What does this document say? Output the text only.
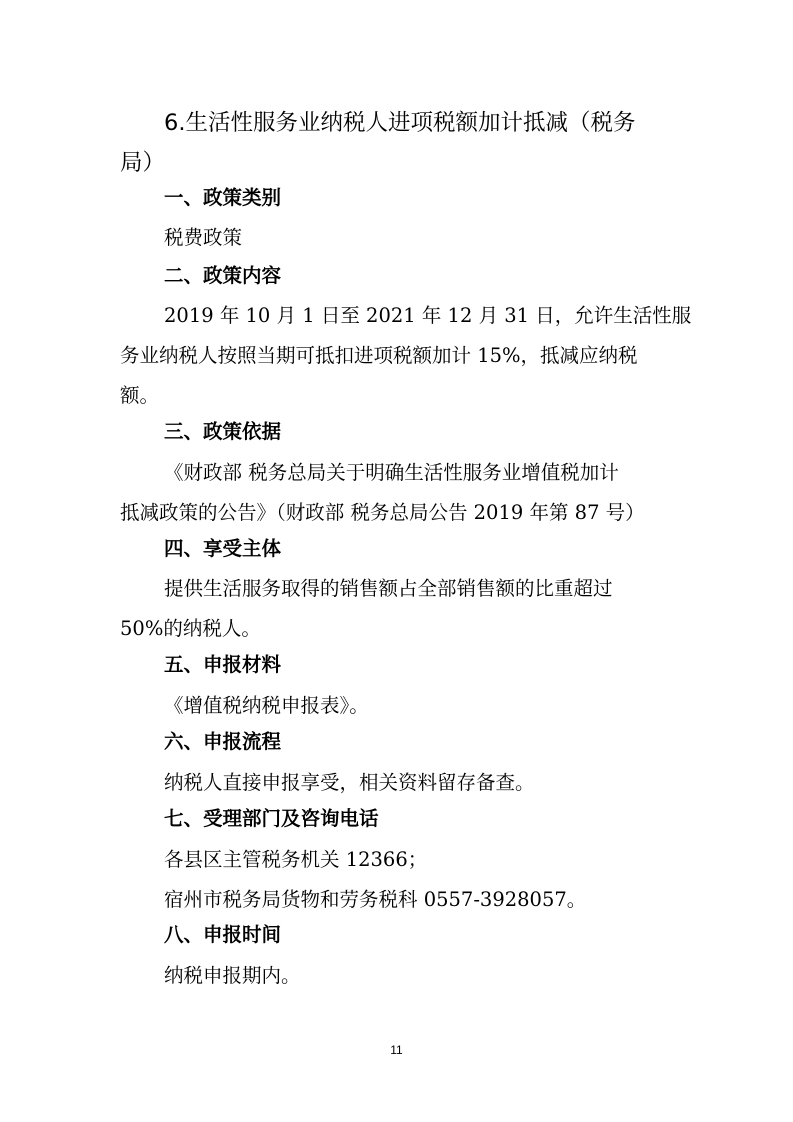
6.生活性服务业纳税人进项税额加计抵减（税务
局）
一、政策类别
税费政策
二、政策内容
2019 年 10 月 1 日至 2021 年 12 月 31 日，允许生活性服
务业纳税人按照当期可抵扣进项税额加计 15%，抵减应纳税
额。
三、政策依据
《财政部 税务总局关于明确生活性服务业增值税加计
抵减政策的公告》（财政部 税务总局公告 2019 年第 87 号）
四、享受主体
提供生活服务取得的销售额占全部销售额的比重超过
50%的纳税人。
五、申报材料
《增值税纳税申报表》。
六、申报流程
纳税人直接申报享受，相关资料留存备查。
七、受理部门及咨询电话
各县区主管税务机关 12366；
宿州市税务局货物和劳务税科 0557-3928057。
八、申报时间
纳税申报期内。
11
